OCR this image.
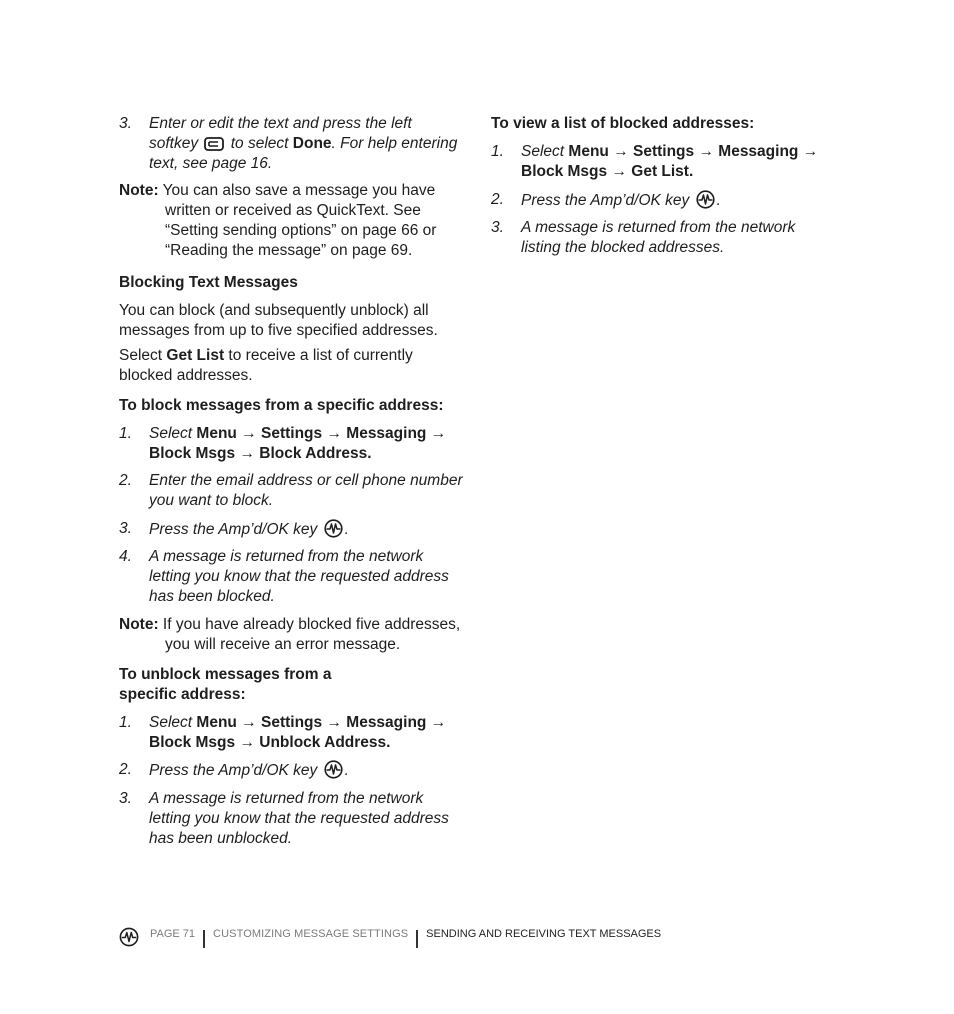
3.	Enter or edit the text and press the left softkey to select Done. For help entering text, see page 16.
Note: You can also save a message you have written or received as QuickText. See “Setting sending options” on page 66 or “Reading the message” on page 69.
Blocking Text Messages
You can block (and subsequently unblock) all messages from up to five specified addresses.
Select Get List to receive a list of currently blocked addresses.
To block messages from a specific address:
1.	Select Menu → Settings → Messaging → Block Msgs → Block Address.
2.	Enter the email address or cell phone number you want to block.
3.	Press the Amp’d/OK key .
4.	A message is returned from the network letting you know that the requested address has been blocked.
Note: If you have already blocked five addresses, you will receive an error message.
To unblock messages from a
specific address:
1.	Select Menu → Settings → Messaging → Block Msgs → Unblock Address.
2.	Press the Amp’d/OK key .
3.	A message is returned from the network letting you know that the requested address has been unblocked.
To view a list of blocked addresses:
1.	Select Menu → Settings → Messaging → Block Msgs → Get List.
2.	Press the Amp’d/OK key .
3.	A message is returned from the network listing the blocked addresses.
PAGE 71 CUSTOMIZING MESSAGE SETTINGS SENDING AND RECEIVING TEXT MESSAGES
